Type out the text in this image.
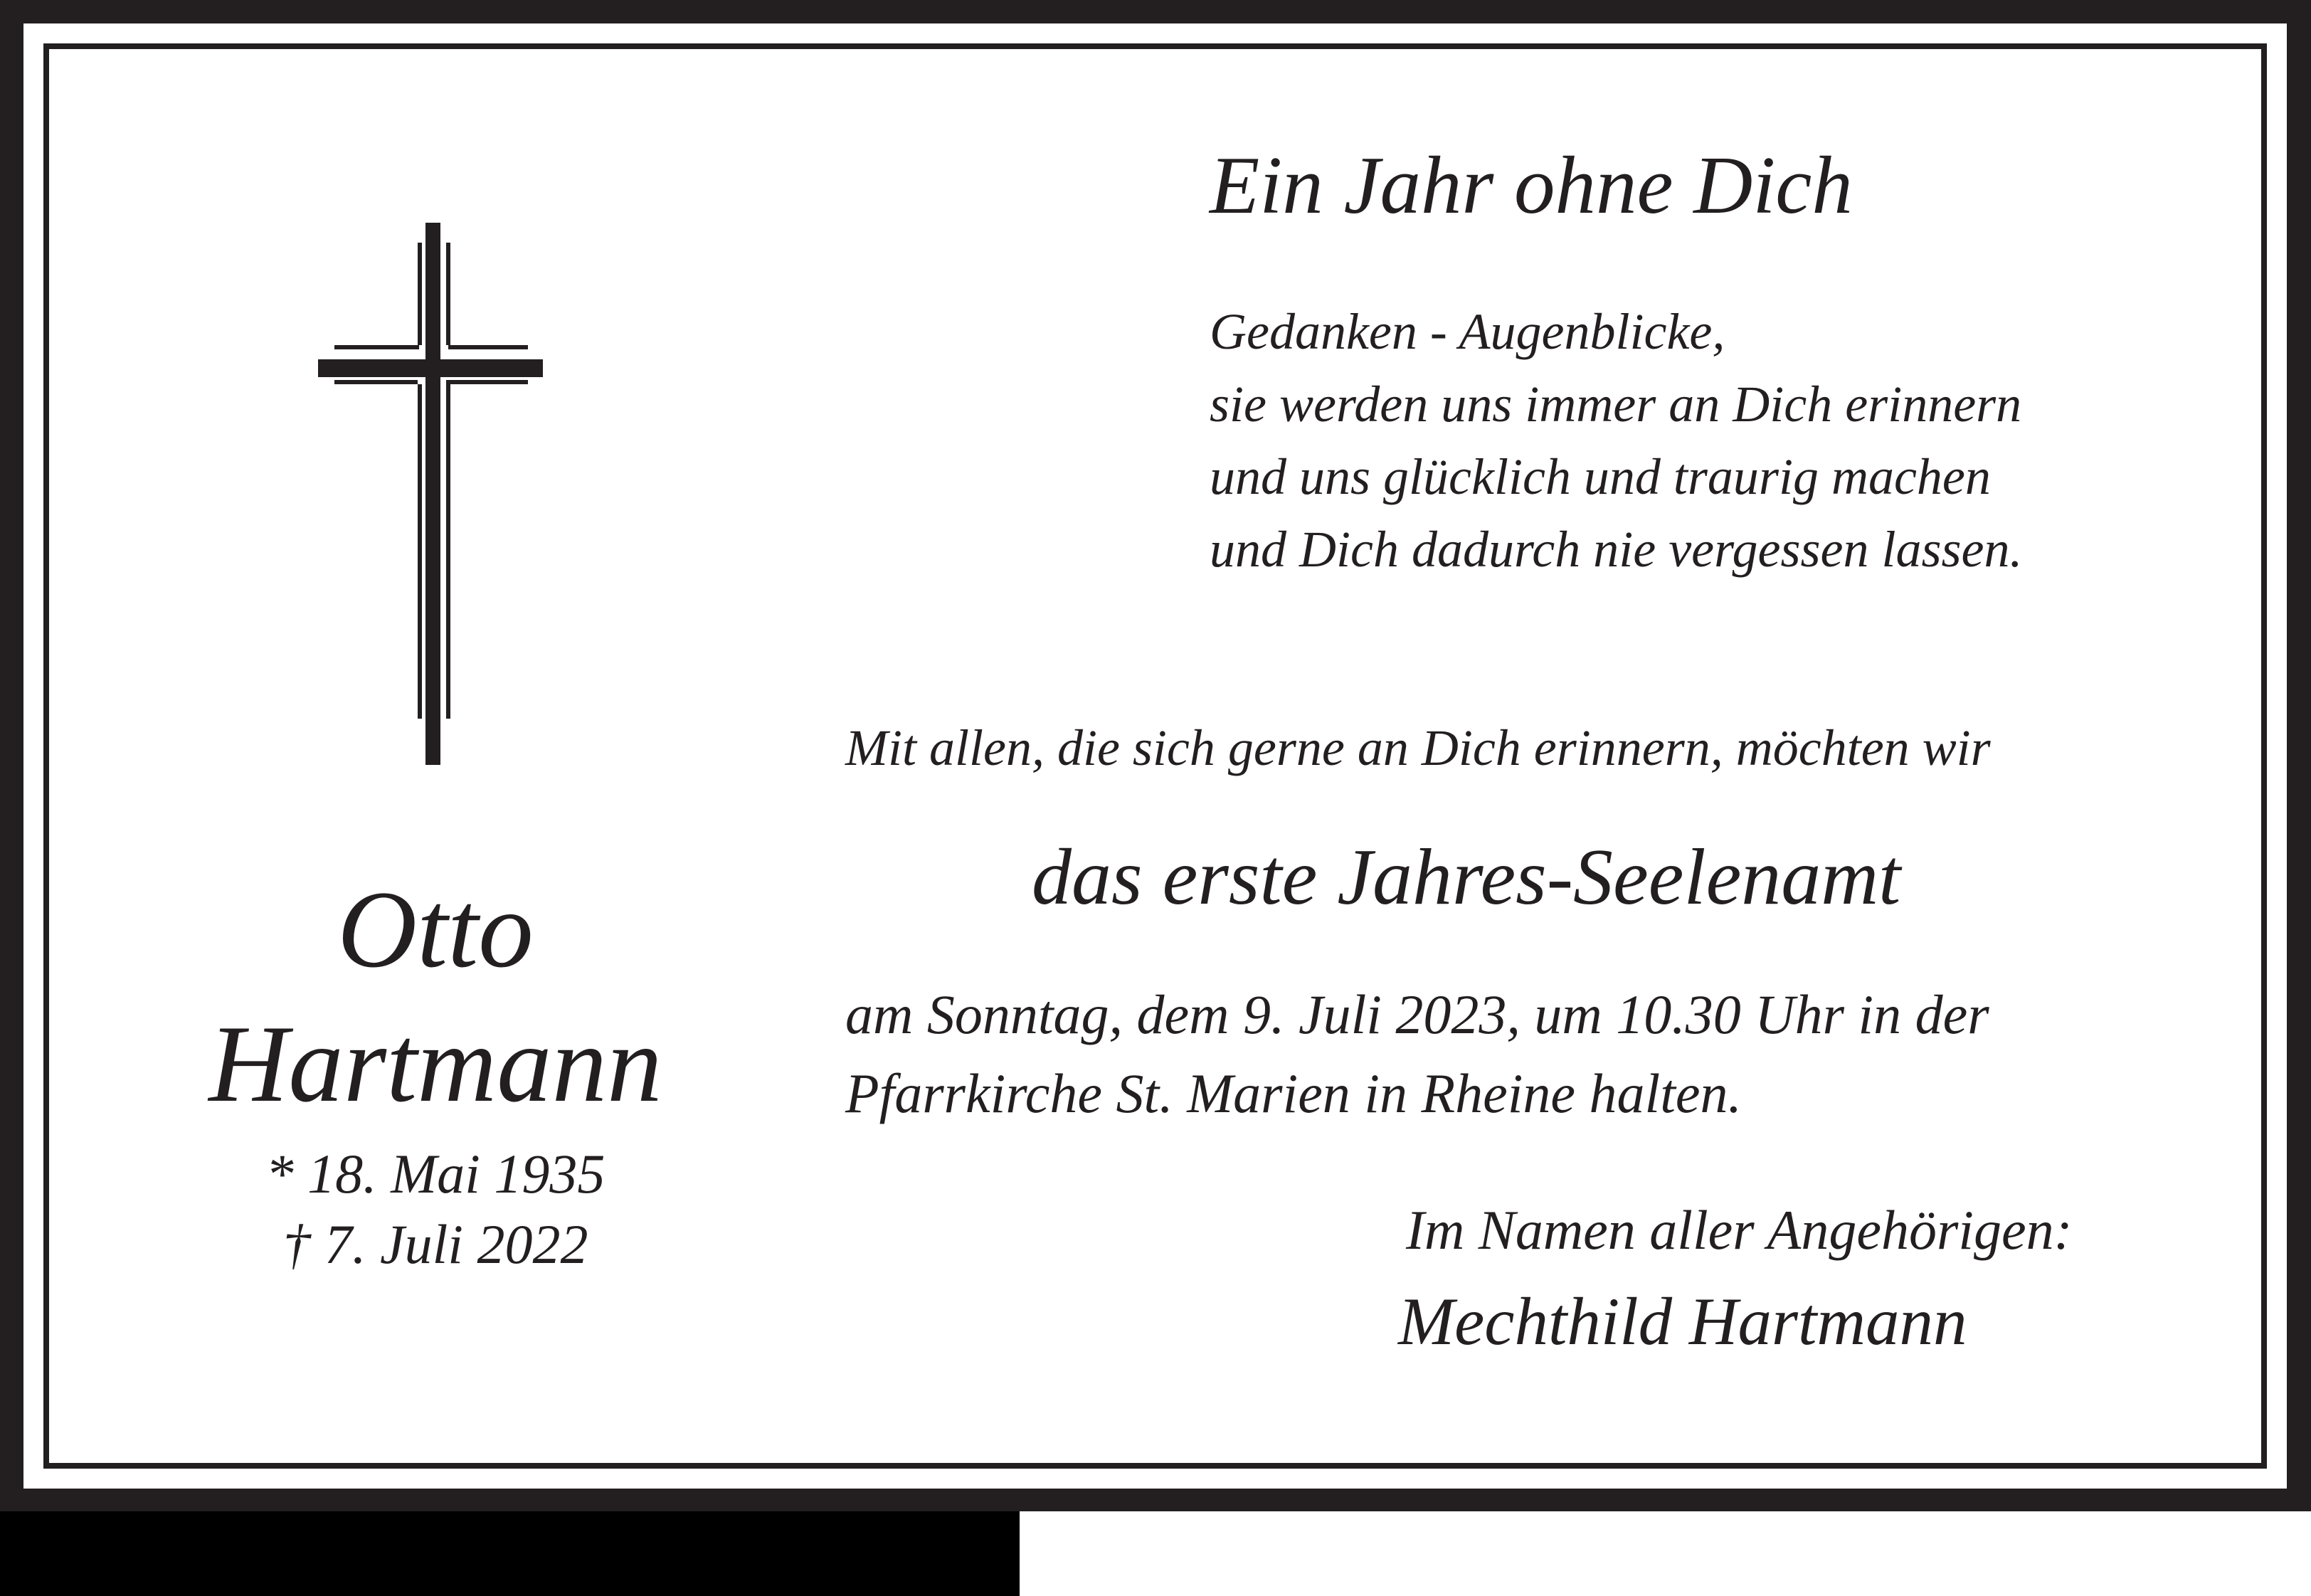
Otto
Hartmann
* 18. Mai 1935
† 7. Juli 2022
Ein Jahr ohne Dich
Gedanken - Augenblicke,
sie werden uns immer an Dich erinnern
und uns glücklich und traurig machen
und Dich dadurch nie vergessen lassen.
Mit allen, die sich gerne an Dich erinnern, möchten wir
das erste Jahres-Seelenamt
am Sonntag, dem 9. Juli 2023, um 10.30 Uhr in der
Pfarrkirche St. Marien in Rheine halten.
Im Namen aller Angehörigen:
Mechthild Hartmann
